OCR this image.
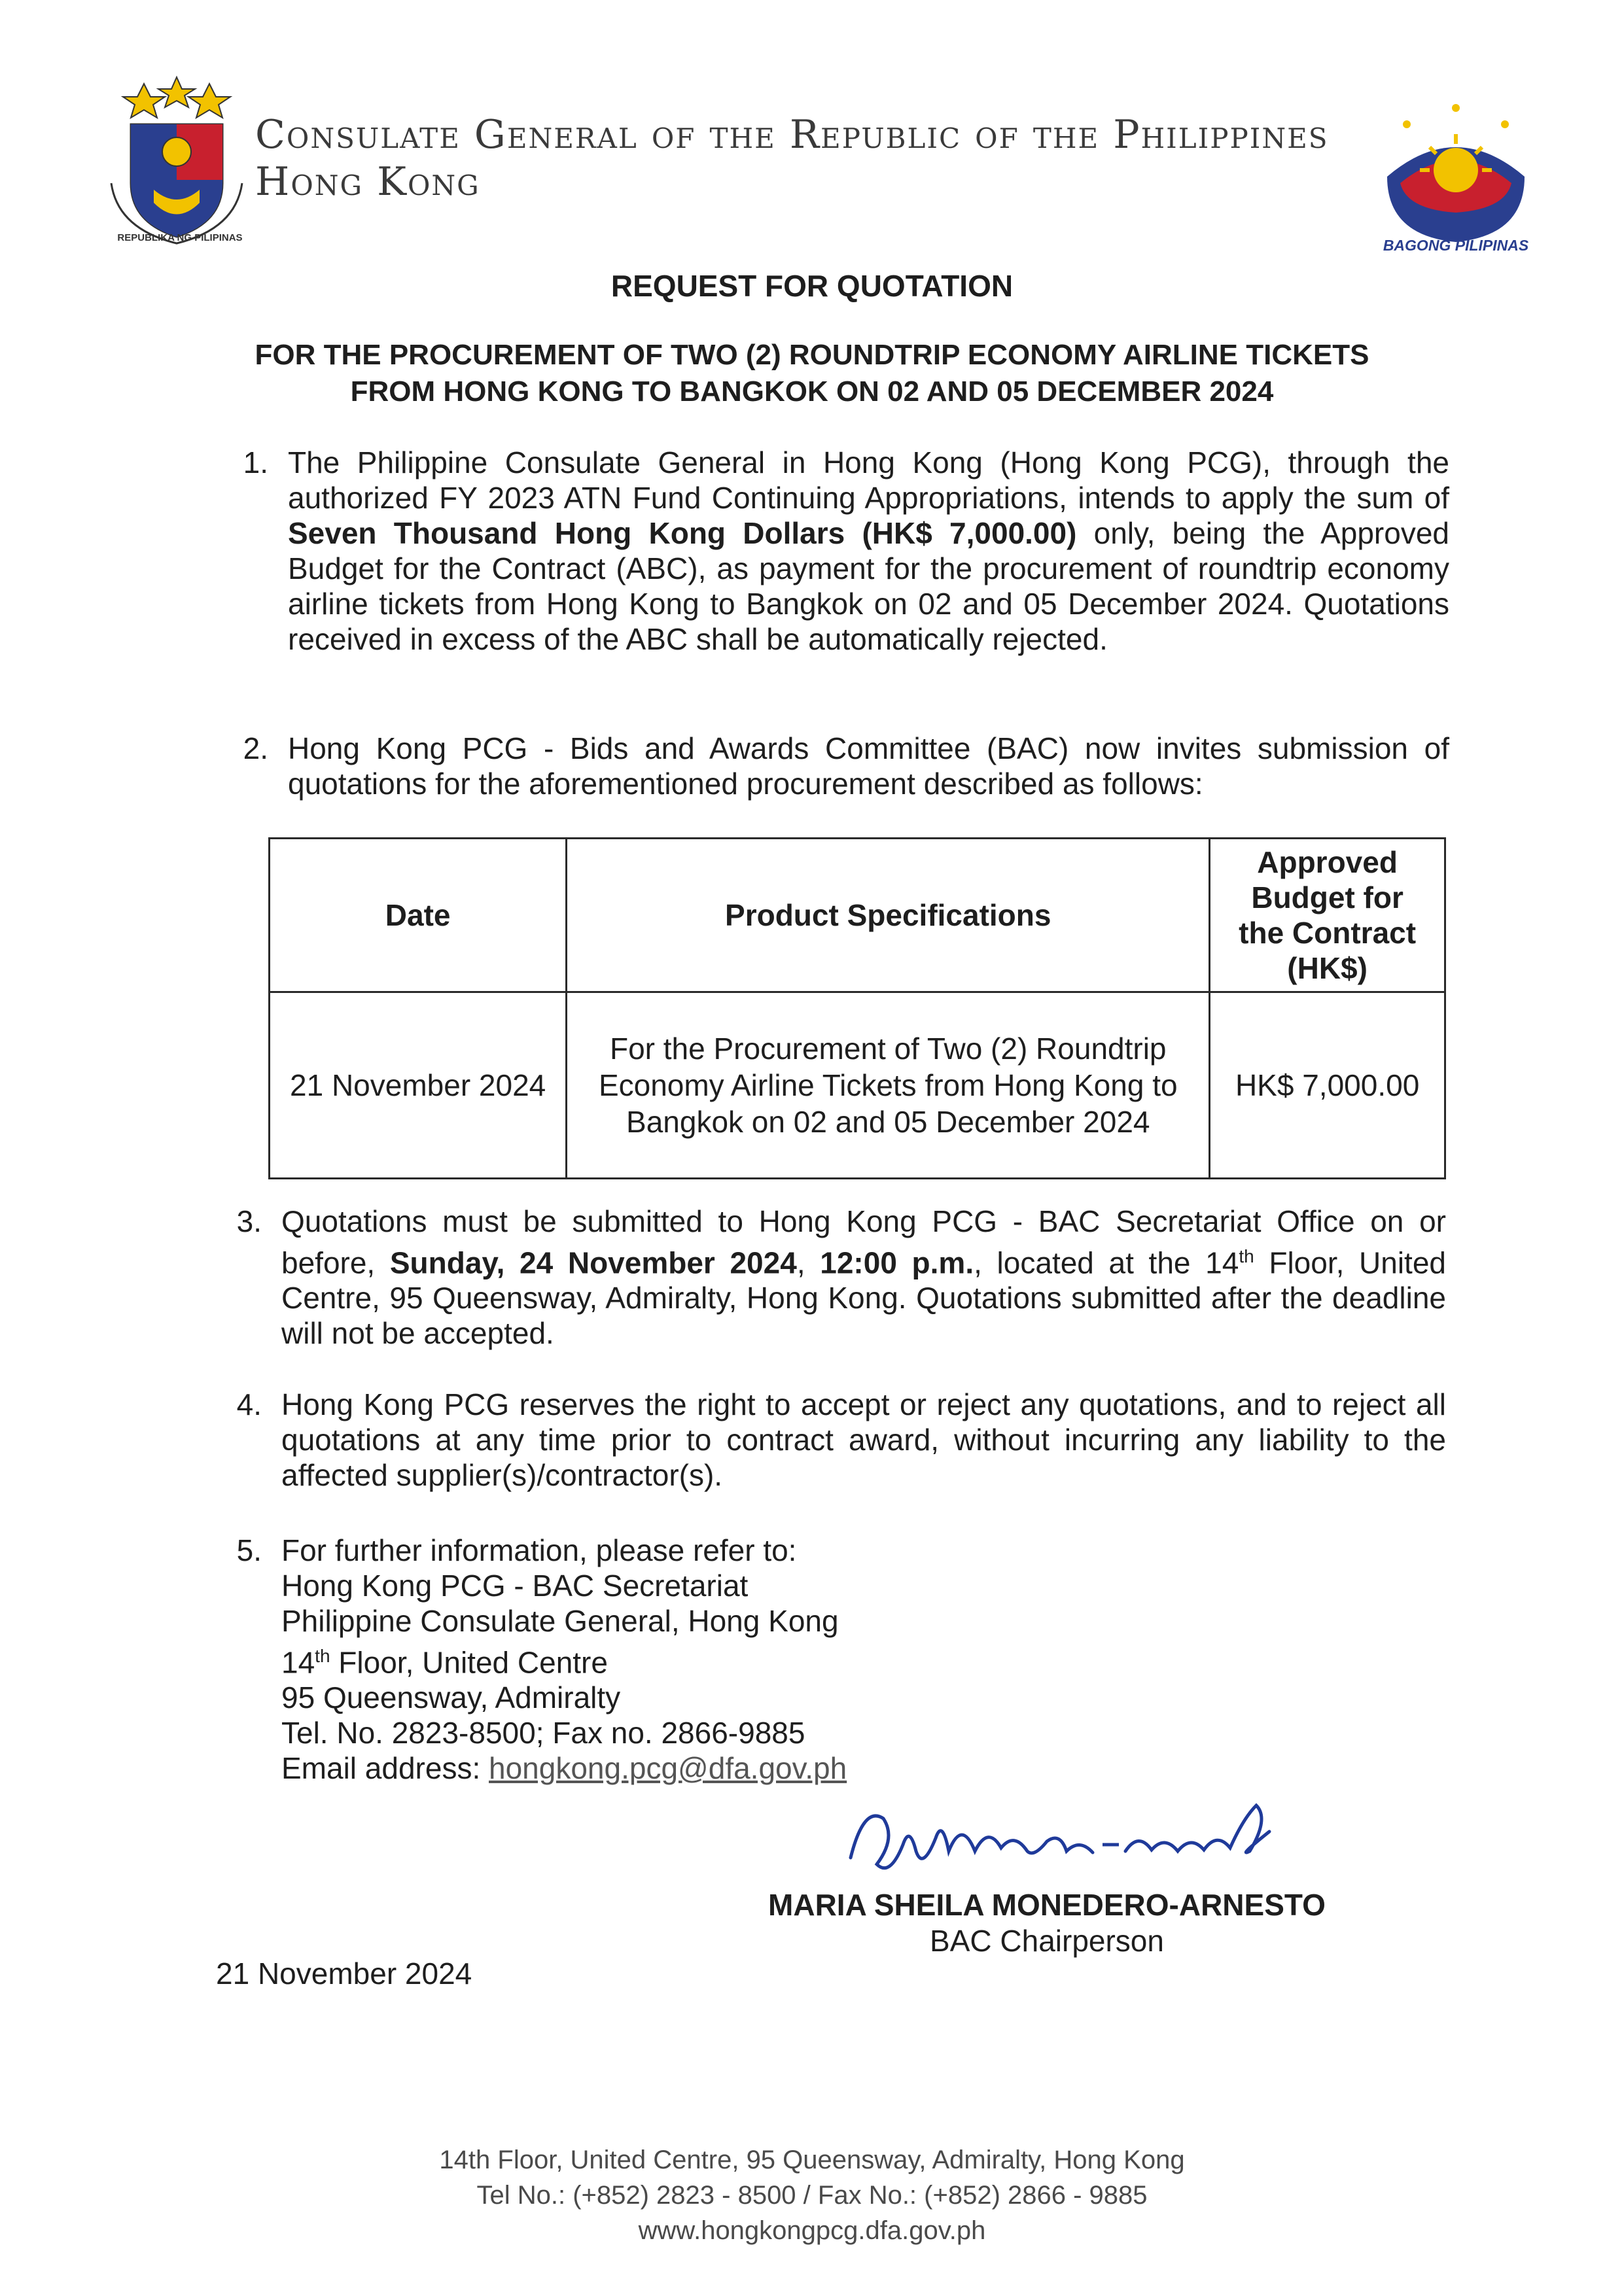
REPUBLIKA NG PILIPINAS
Consulate General of the Republic of the Philippines
Hong Kong
BAGONG PILIPINAS
REQUEST FOR QUOTATION
FOR THE PROCUREMENT OF TWO (2) ROUNDTRIP ECONOMY AIRLINE TICKETS
FROM HONG KONG TO BANGKOK ON 02 AND 05 DECEMBER 2024
1. The Philippine Consulate General in Hong Kong (Hong Kong PCG), through the authorized FY 2023 ATN Fund Continuing Appropriations, intends to apply the sum of Seven Thousand Hong Kong Dollars (HK$ 7,000.00) only, being the Approved Budget for the Contract (ABC), as payment for the procurement of roundtrip economy airline tickets from Hong Kong to Bangkok on 02 and 05 December 2024. Quotations received in excess of the ABC shall be automatically rejected.
2. Hong Kong PCG - Bids and Awards Committee (BAC) now invites submission of quotations for the aforementioned procurement described as follows:
Date	Product Specifications	Approved Budget for the Contract (HK$)
21 November 2024	For the Procurement of Two (2) Roundtrip Economy Airline Tickets from Hong Kong to Bangkok on 02 and 05 December 2024	HK$ 7,000.00
3. Quotations must be submitted to Hong Kong PCG - BAC Secretariat Office on or before, Sunday, 24 November 2024, 12:00 p.m., located at the 14th Floor, United Centre, 95 Queensway, Admiralty, Hong Kong. Quotations submitted after the deadline will not be accepted.
4. Hong Kong PCG reserves the right to accept or reject any quotations, and to reject all quotations at any time prior to contract award, without incurring any liability to the affected supplier(s)/contractor(s).
5. For further information, please refer to:
Hong Kong PCG - BAC Secretariat
Philippine Consulate General, Hong Kong
14th Floor, United Centre
95 Queensway, Admiralty
Tel. No. 2823-8500; Fax no. 2866-9885
Email address: hongkong.pcg@dfa.gov.ph
MARIA SHEILA MONEDERO-ARNESTO
BAC Chairperson
21 November 2024
14th Floor, United Centre, 95 Queensway, Admiralty, Hong Kong
Tel No.: (+852) 2823 - 8500 / Fax No.: (+852) 2866 - 9885
www.hongkongpcg.dfa.gov.ph
